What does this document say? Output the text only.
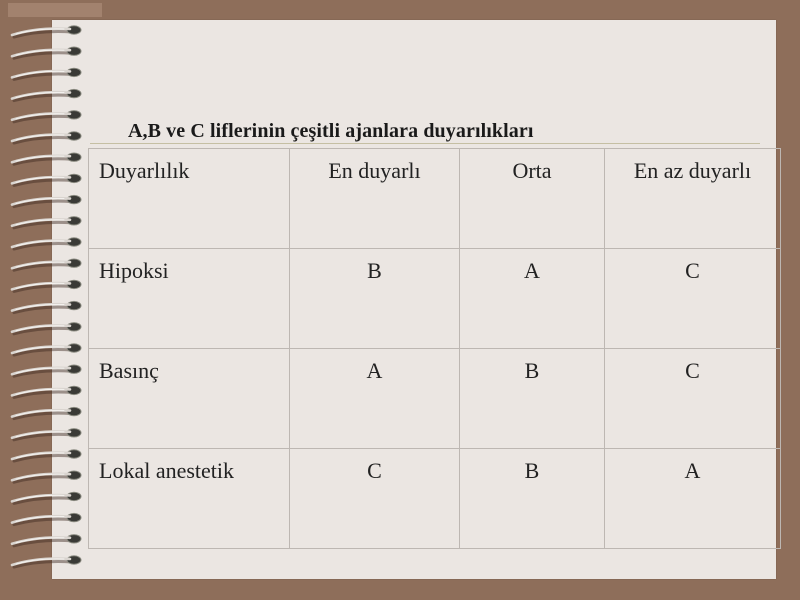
A,B ve C liflerinin çeşitli ajanlara duyarılıkları
Duyarlılık	En duyarlı	Orta	En az duyarlı
Hipoksi	B	A	C
Basınç	A	B	C
Lokal anestetik	C	B	A
